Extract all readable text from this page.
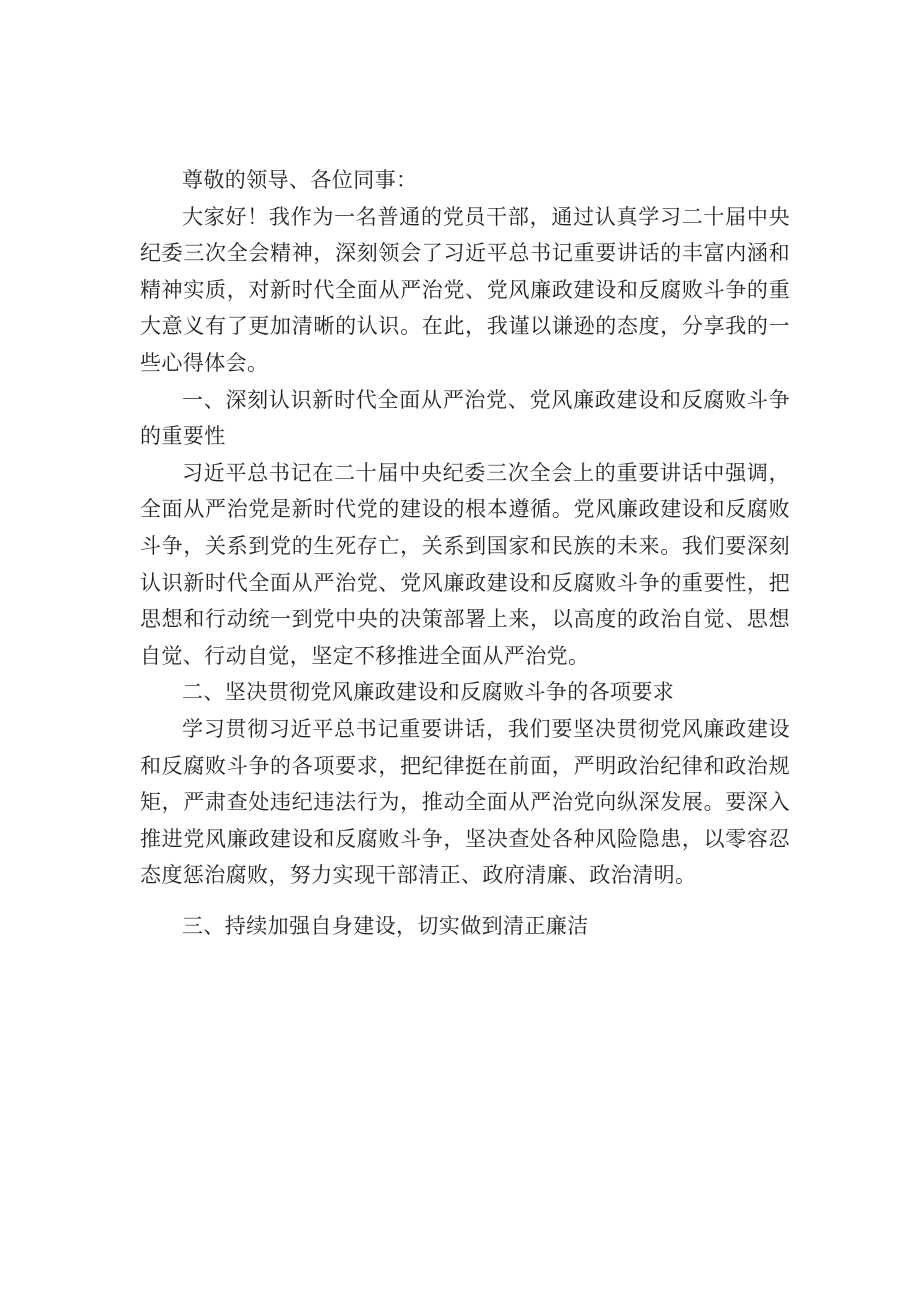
尊敬的领导、各位同事：

大家好！我作为一名普通的党员干部，通过认真学习二十届中央纪委三次全会精神，深刻领会了习近平总书记重要讲话的丰富内涵和精神实质，对新时代全面从严治党、党风廉政建设和反腐败斗争的重大意义有了更加清晰的认识。在此，我谨以谦逊的态度，分享我的一些心得体会。

一、深刻认识新时代全面从严治党、党风廉政建设和反腐败斗争的重要性

习近平总书记在二十届中央纪委三次全会上的重要讲话中强调，全面从严治党是新时代党的建设的根本遵循。党风廉政建设和反腐败斗争，关系到党的生死存亡，关系到国家和民族的未来。我们要深刻认识新时代全面从严治党、党风廉政建设和反腐败斗争的重要性，把思想和行动统一到党中央的决策部署上来，以高度的政治自觉、思想自觉、行动自觉，坚定不移推进全面从严治党。

二、坚决贯彻党风廉政建设和反腐败斗争的各项要求

学习贯彻习近平总书记重要讲话，我们要坚决贯彻党风廉政建设和反腐败斗争的各项要求，把纪律挺在前面，严明政治纪律和政治规矩，严肃查处违纪违法行为，推动全面从严治党向纵深发展。要深入推进党风廉政建设和反腐败斗争，坚决查处各种风险隐患，以零容忍态度惩治腐败，努力实现干部清正、政府清廉、政治清明。

三、持续加强自身建设，切实做到清正廉洁
